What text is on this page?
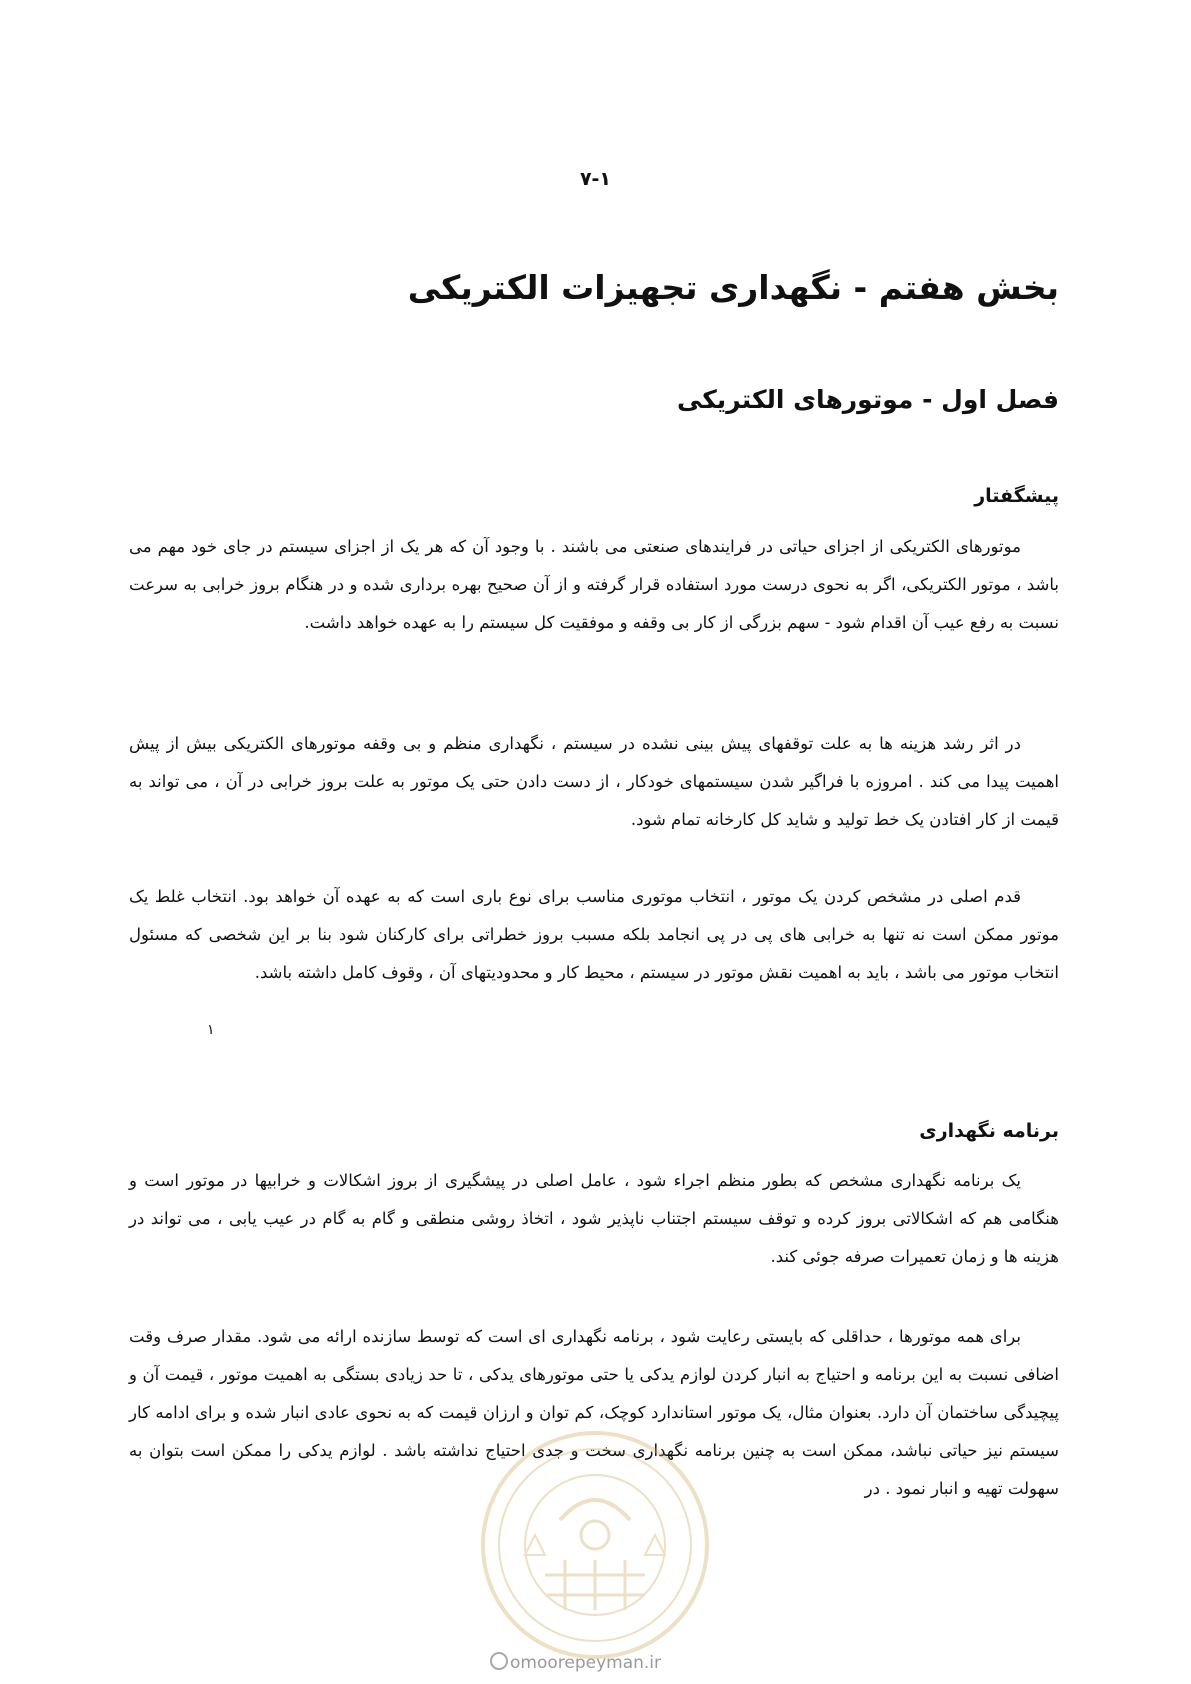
۷-۱
بخش هفتم - نگهداری تجهیزات الکتریکی
فصل اول - موتورهای الکتریکی
پیشگفتار

موتورهای الکتریکی از اجزای حیاتی در فرایندهای صنعتی می باشند . با وجود آن که هر یک از اجزای سیستم در جای خود مهم می باشد ، موتور الکتریکی، اگر به نحوی درست مورد استفاده قرار گرفته و از آن صحیح بهره برداری شده و در هنگام بروز خرابی به سرعت نسبت به رفع عیب آن اقدام شود - سهم بزرگی از کار بی وقفه و موفقیت کل سیستم را به عهده خواهد داشت.

در اثر رشد هزینه ها به علت توقفهای پیش بینی نشده در سیستم ، نگهداری منظم و بی وقفه موتورهای الکتریکی بیش از پیش اهمیت پیدا می کند . امروزه با فراگیر شدن سیستمهای خودکار ، از دست دادن حتی یک موتور به علت بروز خرابی در آن ، می تواند به قیمت از کار افتادن یک خط تولید و شاید کل کارخانه تمام شود.

قدم اصلی در مشخص کردن یک موتور ، انتخاب موتوری مناسب برای نوع باری است که به عهده آن خواهد بود. انتخاب غلط یک موتور ممکن است نه تنها به خرابی های پی در پی انجامد بلکه مسبب بروز خطراتی برای کارکنان شود بنا بر این شخصی که مسئول انتخاب موتور می باشد ، باید به اهمیت نقش موتور در سیستم ، محیط کار و محدودیتهای آن ، وقوف کامل داشته باشد.

۱
برنامه نگهداری

یک برنامه نگهداری مشخص که بطور منظم اجراء شود ، عامل اصلی در پیشگیری از بروز اشکالات و خرابیها در موتور است و هنگامی هم که اشکالاتی بروز کرده و توقف سیستم اجتناب ناپذیر شود ، اتخاذ روشی منطقی و گام به گام در عیب یابی ، می تواند در هزینه ها و زمان تعمیرات صرفه جوئی کند.

برای همه موتورها ، حداقلی که بایستی رعایت شود ، برنامه نگهداری ای است که توسط سازنده ارائه می شود. مقدار صرف وقت اضافی نسبت به این برنامه و احتیاج به انبار کردن لوازم یدکی یا حتی موتورهای یدکی ، تا حد زیادی بستگی به اهمیت موتور ، قیمت آن و پیچیدگی ساختمان آن دارد. بعنوان مثال، یک موتور استاندارد کوچک، کم توان و ارزان قیمت که به نحوی عادی انبار شده و برای ادامه کار سیستم نیز حیاتی نباشد، ممکن است به چنین برنامه نگهداری سخت و جدی احتیاج نداشته باشد . لوازم یدکی را ممکن است بتوان به سهولت تهیه و انبار نمود . در

omoorepeyman.ir
